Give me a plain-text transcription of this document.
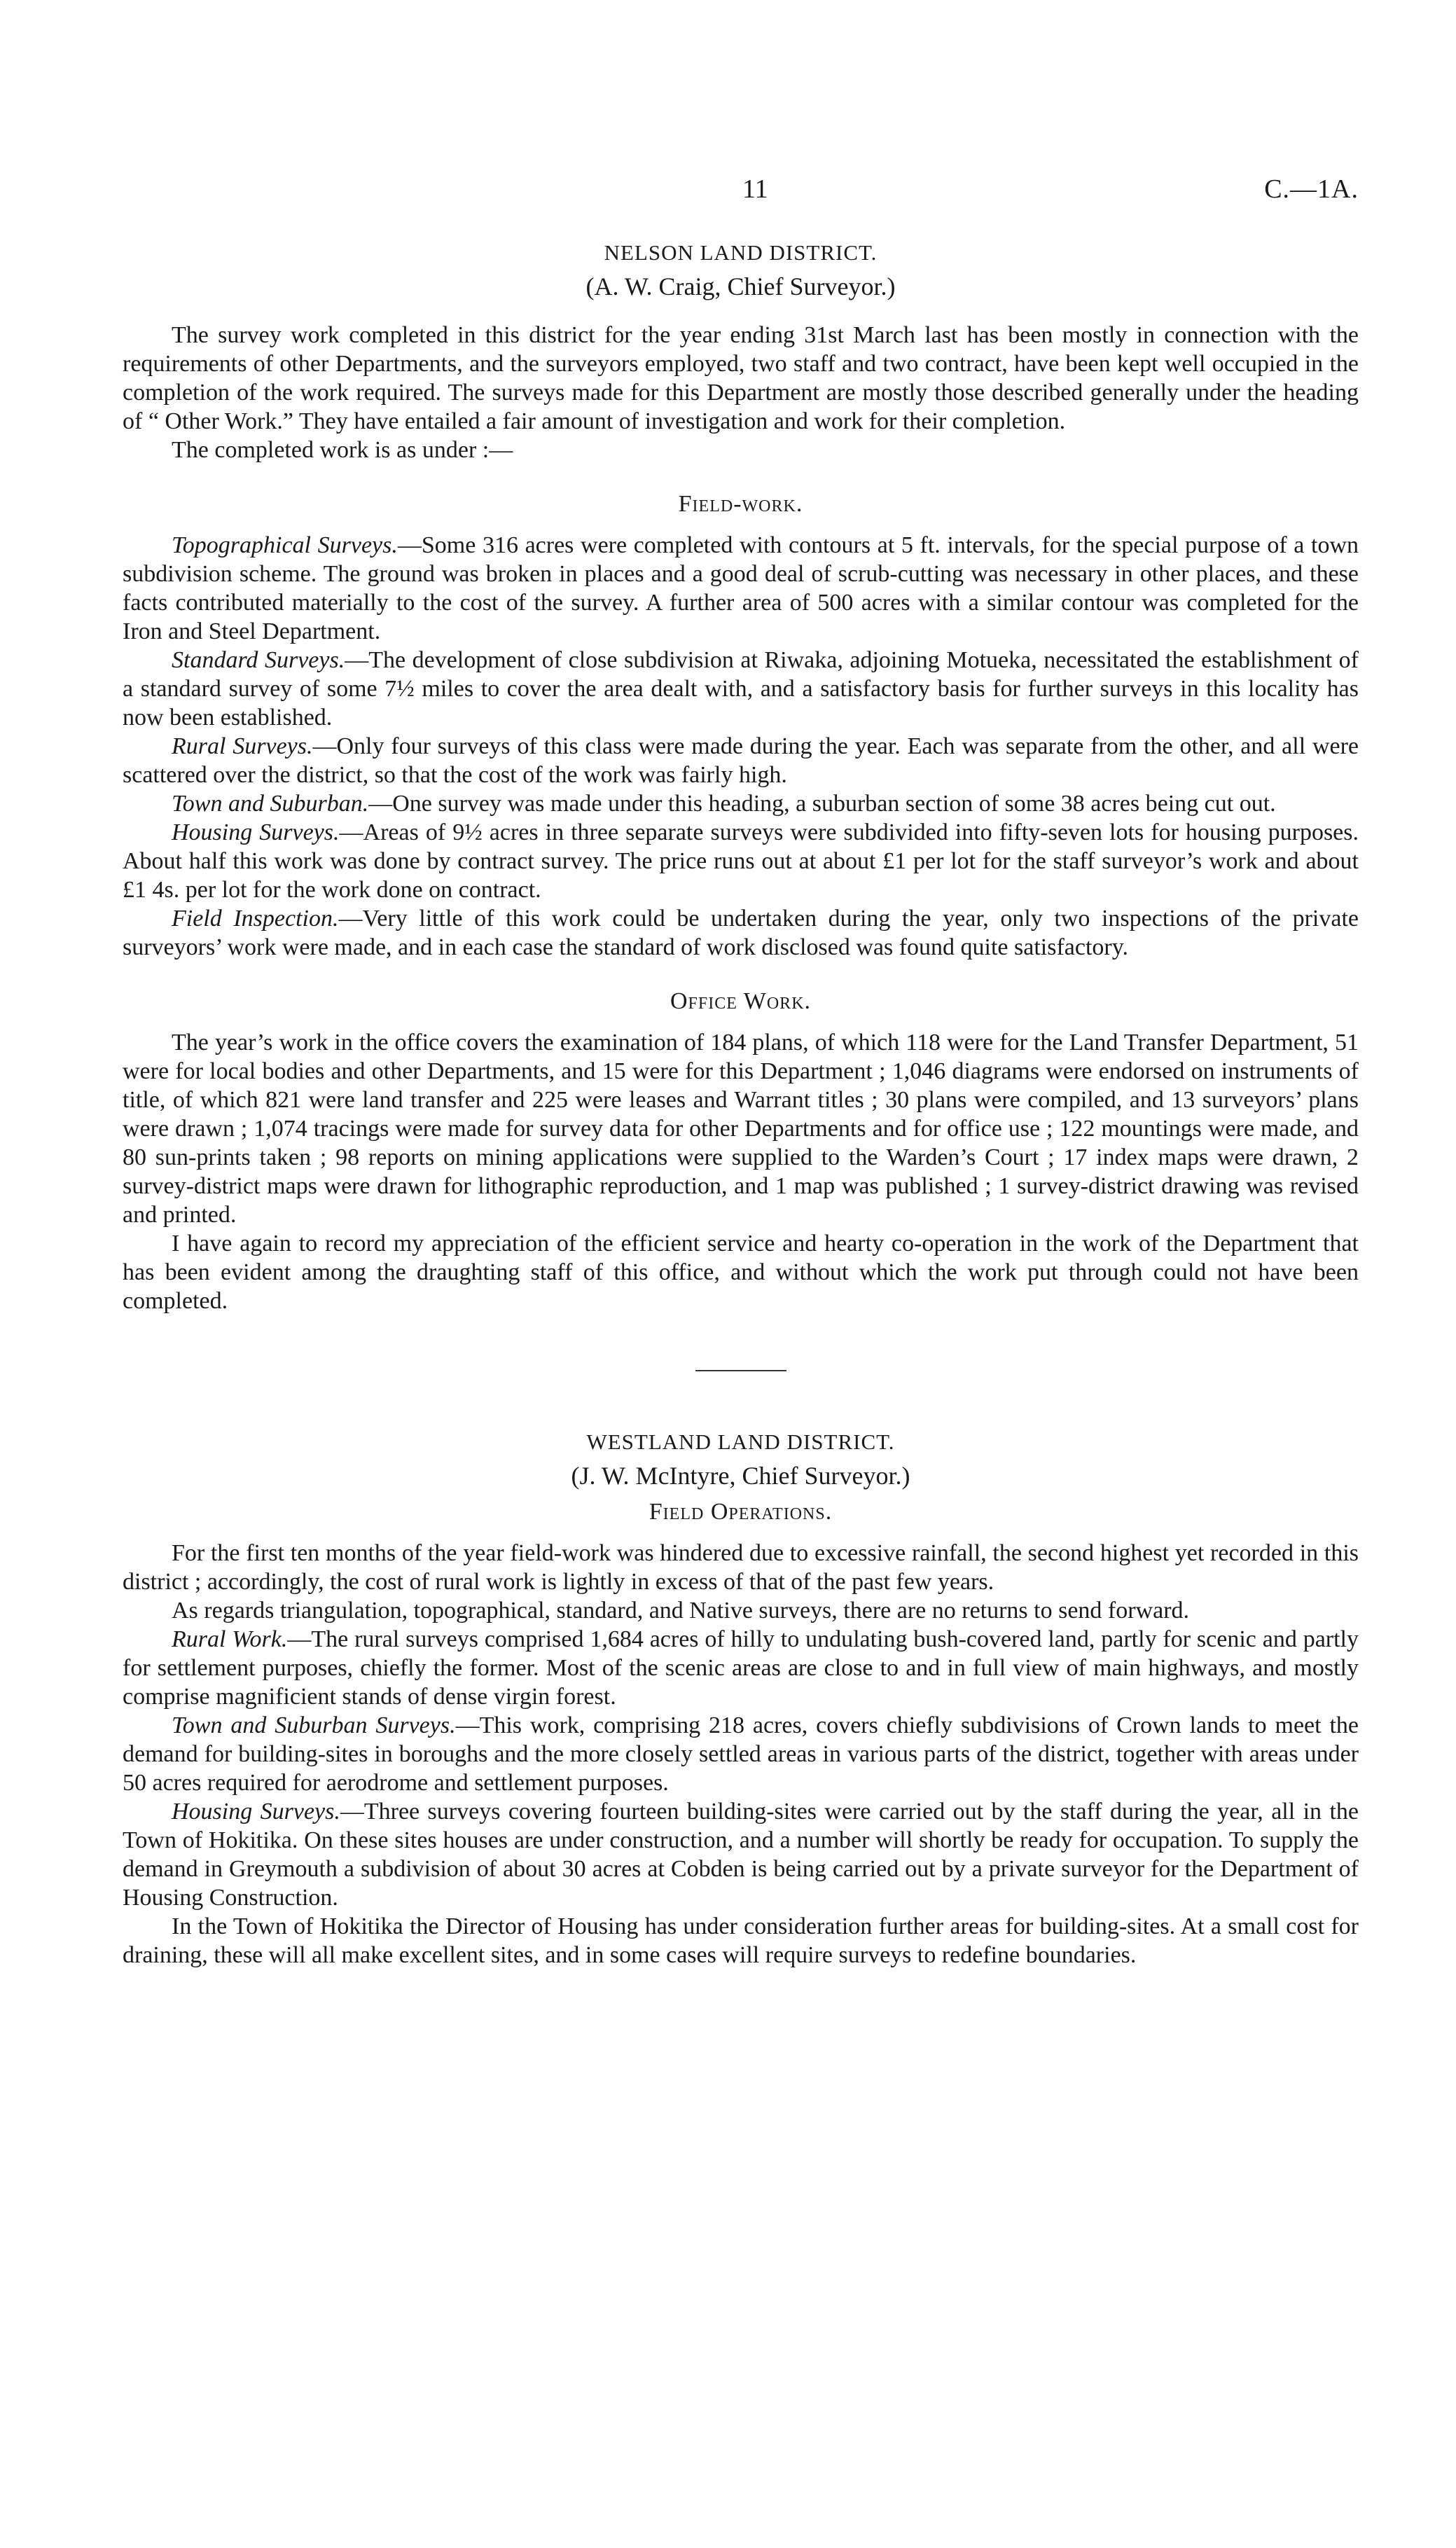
11	C.—1A.
NELSON LAND DISTRICT.
(A. W. Craig, Chief Surveyor.)

The survey work completed in this district for the year ending 31st March last has been mostly in connection with the requirements of other Departments, and the surveyors employed, two staff and two contract, have been kept well occupied in the completion of the work required. The surveys made for this Department are mostly those described generally under the heading of “ Other Work.” They have entailed a fair amount of investigation and work for their completion.

The completed work is as under :—

Field-work.

Topographical Surveys.—Some 316 acres were completed with contours at 5 ft. intervals, for the special purpose of a town subdivision scheme. The ground was broken in places and a good deal of scrub-cutting was necessary in other places, and these facts contributed materially to the cost of the survey. A further area of 500 acres with a similar contour was completed for the Iron and Steel Department.

Standard Surveys.—The development of close subdivision at Riwaka, adjoining Motueka, necessitated the establishment of a standard survey of some 7½ miles to cover the area dealt with, and a satisfactory basis for further surveys in this locality has now been established.

Rural Surveys.—Only four surveys of this class were made during the year. Each was separate from the other, and all were scattered over the district, so that the cost of the work was fairly high.

Town and Suburban.—One survey was made under this heading, a suburban section of some 38 acres being cut out.

Housing Surveys.—Areas of 9½ acres in three separate surveys were subdivided into fifty-seven lots for housing purposes. About half this work was done by contract survey. The price runs out at about £1 per lot for the staff surveyor’s work and about £1 4s. per lot for the work done on contract.

Field Inspection.—Very little of this work could be undertaken during the year, only two inspections of the private surveyors’ work were made, and in each case the standard of work disclosed was found quite satisfactory.

Office Work.

The year’s work in the office covers the examination of 184 plans, of which 118 were for the Land Transfer Department, 51 were for local bodies and other Departments, and 15 were for this Department ; 1,046 diagrams were endorsed on instruments of title, of which 821 were land transfer and 225 were leases and Warrant titles ; 30 plans were compiled, and 13 surveyors’ plans were drawn ; 1,074 tracings were made for survey data for other Departments and for office use ; 122 mountings were made, and 80 sun-prints taken ; 98 reports on mining applications were supplied to the Warden’s Court ; 17 index maps were drawn, 2 survey-district maps were drawn for lithographic reproduction, and 1 map was published ; 1 survey-district drawing was revised and printed.

I have again to record my appreciation of the efficient service and hearty co-operation in the work of the Department that has been evident among the draughting staff of this office, and without which the work put through could not have been completed.

WESTLAND LAND DISTRICT.
(J. W. McIntyre, Chief Surveyor.)
Field Operations.

For the first ten months of the year field-work was hindered due to excessive rainfall, the second highest yet recorded in this district ; accordingly, the cost of rural work is lightly in excess of that of the past few years.

As regards triangulation, topographical, standard, and Native surveys, there are no returns to send forward.

Rural Work.—The rural surveys comprised 1,684 acres of hilly to undulating bush-covered land, partly for scenic and partly for settlement purposes, chiefly the former. Most of the scenic areas are close to and in full view of main highways, and mostly comprise magnificient stands of dense virgin forest.

Town and Suburban Surveys.—This work, comprising 218 acres, covers chiefly subdivisions of Crown lands to meet the demand for building-sites in boroughs and the more closely settled areas in various parts of the district, together with areas under 50 acres required for aerodrome and settlement purposes.

Housing Surveys.—Three surveys covering fourteen building-sites were carried out by the staff during the year, all in the Town of Hokitika. On these sites houses are under construction, and a number will shortly be ready for occupation. To supply the demand in Greymouth a subdivision of about 30 acres at Cobden is being carried out by a private surveyor for the Department of Housing Construction.

In the Town of Hokitika the Director of Housing has under consideration further areas for building-sites. At a small cost for draining, these will all make excellent sites, and in some cases will require surveys to redefine boundaries.
